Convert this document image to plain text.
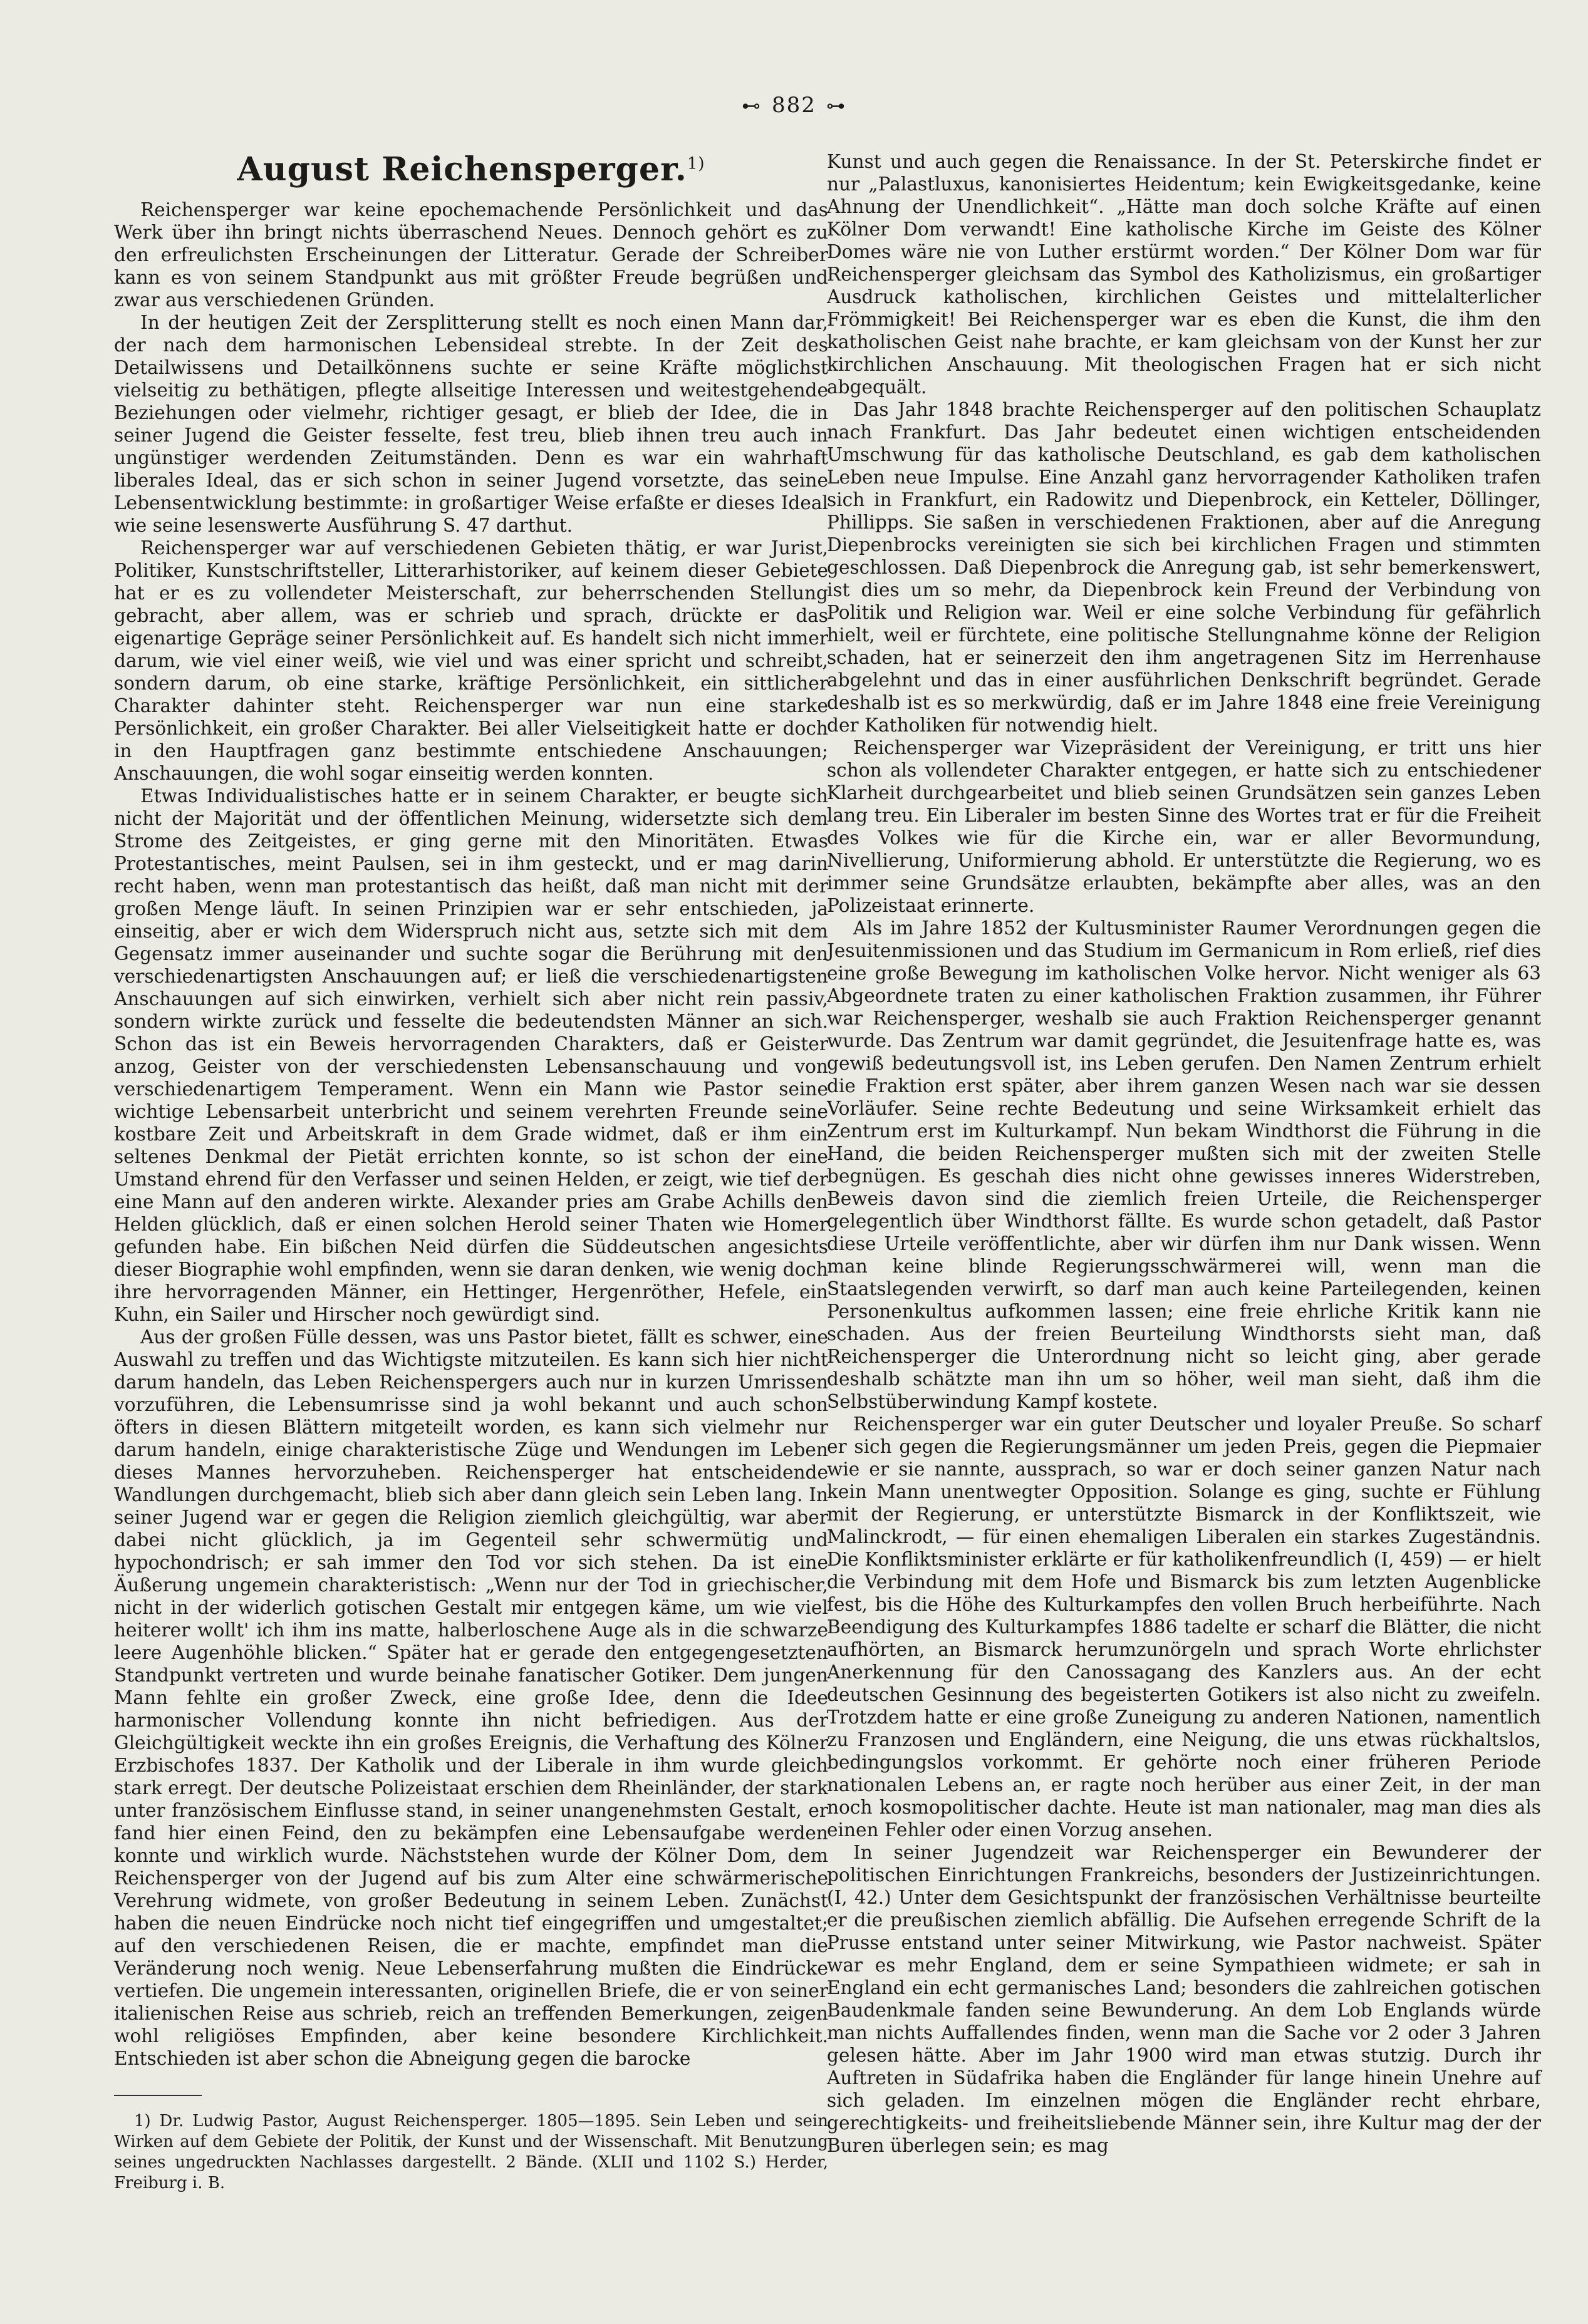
⊷ 882 ⊶
August Reichensperger.$^{1)}$

Reichensperger war keine epochemachende Persönlichkeit und das Werk über ihn bringt nichts überraschend Neues. Dennoch gehört es zu den erfreulichsten Erscheinungen der Litteratur. Gerade der Schreiber kann es von seinem Standpunkt aus mit größter Freude begrüßen und zwar aus verschiedenen Gründen.

In der heutigen Zeit der Zersplitterung stellt es noch einen Mann dar, der nach dem harmonischen Lebensideal strebte. In der Zeit des Detailwissens und Detailkönnens suchte er seine Kräfte möglichst vielseitig zu bethätigen, pflegte allseitige Interessen und weitestgehende Beziehungen oder vielmehr, richtiger gesagt, er blieb der Idee, die in seiner Jugend die Geister fesselte, fest treu, blieb ihnen treu auch in ungünstiger werdenden Zeitumständen. Denn es war ein wahrhaft liberales Ideal, das er sich schon in seiner Jugend vorsetzte, das seine Lebensentwicklung bestimmte: in großartiger Weise erfaßte er dieses Ideal wie seine lesenswerte Ausführung S. 47 darthut.

Reichensperger war auf verschiedenen Gebieten thätig, er war Jurist, Politiker, Kunstschriftsteller, Litterarhistoriker, auf keinem dieser Gebiete hat er es zu vollendeter Meisterschaft, zur beherrschenden Stellung gebracht, aber allem, was er schrieb und sprach, drückte er das eigenartige Gepräge seiner Persönlichkeit auf. Es handelt sich nicht immer darum, wie viel einer weiß, wie viel und was einer spricht und schreibt, sondern darum, ob eine starke, kräftige Persönlichkeit, ein sittlicher Charakter dahinter steht. Reichensperger war nun eine starke Persönlichkeit, ein großer Charakter. Bei aller Vielseitigkeit hatte er doch in den Hauptfragen ganz bestimmte entschiedene Anschauungen; Anschauungen, die wohl sogar einseitig werden konnten.

Etwas Individualistisches hatte er in seinem Charakter, er beugte sich nicht der Majorität und der öffentlichen Meinung, widersetzte sich dem Strome des Zeitgeistes, er ging gerne mit den Minoritäten. Etwas Protestantisches, meint Paulsen, sei in ihm gesteckt, und er mag darin recht haben, wenn man protestantisch das heißt, daß man nicht mit der großen Menge läuft. In seinen Prinzipien war er sehr entschieden, ja einseitig, aber er wich dem Widerspruch nicht aus, setzte sich mit dem Gegensatz immer auseinander und suchte sogar die Berührung mit den verschiedenartigsten Anschauungen auf; er ließ die verschiedenartigsten Anschauungen auf sich einwirken, verhielt sich aber nicht rein passiv, sondern wirkte zurück und fesselte die bedeutendsten Männer an sich. Schon das ist ein Beweis hervorragenden Charakters, daß er Geister anzog, Geister von der verschiedensten Lebensanschauung und von verschiedenartigem Temperament. Wenn ein Mann wie Pastor seine wichtige Lebensarbeit unterbricht und seinem verehrten Freunde seine kostbare Zeit und Arbeitskraft in dem Grade widmet, daß er ihm ein seltenes Denkmal der Pietät errichten konnte, so ist schon der eine Umstand ehrend für den Verfasser und seinen Helden, er zeigt, wie tief der eine Mann auf den anderen wirkte. Alexander pries am Grabe Achills den Helden glücklich, daß er einen solchen Herold seiner Thaten wie Homer gefunden habe. Ein bißchen Neid dürfen die Süddeutschen angesichts dieser Biographie wohl empfinden, wenn sie daran denken, wie wenig doch ihre hervorragenden Männer, ein Hettinger, Hergenröther, Hefele, ein Kuhn, ein Sailer und Hirscher noch gewürdigt sind.

Aus der großen Fülle dessen, was uns Pastor bietet, fällt es schwer, eine Auswahl zu treffen und das Wichtigste mitzuteilen. Es kann sich hier nicht darum handeln, das Leben Reichenspergers auch nur in kurzen Umrissen vorzuführen, die Lebensumrisse sind ja wohl bekannt und auch schon öfters in diesen Blättern mitgeteilt worden, es kann sich vielmehr nur darum handeln, einige charakteristische Züge und Wendungen im Leben dieses Mannes hervorzuheben. Reichensperger hat entscheidende Wandlungen durchgemacht, blieb sich aber dann gleich sein Leben lang. In seiner Jugend war er gegen die Religion ziemlich gleichgültig, war aber dabei nicht glücklich, ja im Gegenteil sehr schwermütig und hypochondrisch; er sah immer den Tod vor sich stehen. Da ist eine Äußerung ungemein charakteristisch: „Wenn nur der Tod in griechischer, nicht in der widerlich gotischen Gestalt mir entgegen käme, um wie viel heiterer wollt' ich ihm ins matte, halberloschene Auge als in die schwarze leere Augenhöhle blicken.“ Später hat er gerade den entgegengesetzten Standpunkt vertreten und wurde beinahe fanatischer Gotiker. Dem jungen Mann fehlte ein großer Zweck, eine große Idee, denn die Idee harmonischer Vollendung konnte ihn nicht befriedigen. Aus der Gleichgültigkeit weckte ihn ein großes Ereignis, die Verhaftung des Kölner Erzbischofes 1837. Der Katholik und der Liberale in ihm wurde gleich stark erregt. Der deutsche Polizeistaat erschien dem Rheinländer, der stark unter französischem Einflusse stand, in seiner unangenehmsten Gestalt, er fand hier einen Feind, den zu bekämpfen eine Lebensaufgabe werden konnte und wirklich wurde. Nächststehen wurde der Kölner Dom, dem Reichensperger von der Jugend auf bis zum Alter eine schwärmerische Verehrung widmete, von großer Bedeutung in seinem Leben. Zunächst haben die neuen Eindrücke noch nicht tief eingegriffen und umgestaltet; auf den verschiedenen Reisen, die er machte, empfindet man die Veränderung noch wenig. Neue Lebenserfahrung mußten die Eindrücke vertiefen. Die ungemein interessanten, originellen Briefe, die er von seiner italienischen Reise aus schrieb, reich an treffenden Bemerkungen, zeigen wohl religiöses Empfinden, aber keine besondere Kirchlichkeit. Entschieden ist aber schon die Abneigung gegen die barocke

1) Dr. Ludwig Pastor, August Reichensperger. 1805—1895. Sein Leben und sein Wirken auf dem Gebiete der Politik, der Kunst und der Wissenschaft. Mit Benutzung seines ungedruckten Nachlasses dargestellt. 2 Bände. (XLII und 1102 S.) Herder, Freiburg i. B.

Kunst und auch gegen die Renaissance. In der St. Peterskirche findet er nur „Palastluxus, kanonisiertes Heidentum; kein Ewigkeitsgedanke, keine Ahnung der Unendlichkeit“. „Hätte man doch solche Kräfte auf einen Kölner Dom verwandt! Eine katholische Kirche im Geiste des Kölner Domes wäre nie von Luther erstürmt worden.“ Der Kölner Dom war für Reichensperger gleichsam das Symbol des Katholizismus, ein großartiger Ausdruck katholischen, kirchlichen Geistes und mittelalterlicher Frömmigkeit! Bei Reichensperger war es eben die Kunst, die ihm den katholischen Geist nahe brachte, er kam gleichsam von der Kunst her zur kirchlichen Anschauung. Mit theologischen Fragen hat er sich nicht abgequält.

Das Jahr 1848 brachte Reichensperger auf den politischen Schauplatz nach Frankfurt. Das Jahr bedeutet einen wichtigen entscheidenden Umschwung für das katholische Deutschland, es gab dem katholischen Leben neue Impulse. Eine Anzahl ganz hervorragender Katholiken trafen sich in Frankfurt, ein Radowitz und Diepenbrock, ein Ketteler, Döllinger, Phillipps. Sie saßen in verschiedenen Fraktionen, aber auf die Anregung Diepenbrocks vereinigten sie sich bei kirchlichen Fragen und stimmten geschlossen. Daß Diepenbrock die Anregung gab, ist sehr bemerkenswert, ist dies um so mehr, da Diepenbrock kein Freund der Verbindung von Politik und Religion war. Weil er eine solche Verbindung für gefährlich hielt, weil er fürchtete, eine politische Stellungnahme könne der Religion schaden, hat er seinerzeit den ihm angetragenen Sitz im Herrenhause abgelehnt und das in einer ausführlichen Denkschrift begründet. Gerade deshalb ist es so merkwürdig, daß er im Jahre 1848 eine freie Vereinigung der Katholiken für notwendig hielt.

Reichensperger war Vizepräsident der Vereinigung, er tritt uns hier schon als vollendeter Charakter entgegen, er hatte sich zu entschiedener Klarheit durchgearbeitet und blieb seinen Grundsätzen sein ganzes Leben lang treu. Ein Liberaler im besten Sinne des Wortes trat er für die Freiheit des Volkes wie für die Kirche ein, war er aller Bevormundung, Nivellierung, Uniformierung abhold. Er unterstützte die Regierung, wo es immer seine Grundsätze erlaubten, bekämpfte aber alles, was an den Polizeistaat erinnerte.

Als im Jahre 1852 der Kultusminister Raumer Verordnungen gegen die Jesuitenmissionen und das Studium im Germanicum in Rom erließ, rief dies eine große Bewegung im katholischen Volke hervor. Nicht weniger als 63 Abgeordnete traten zu einer katholischen Fraktion zusammen, ihr Führer war Reichensperger, weshalb sie auch Fraktion Reichensperger genannt wurde. Das Zentrum war damit gegründet, die Jesuitenfrage hatte es, was gewiß bedeutungsvoll ist, ins Leben gerufen. Den Namen Zentrum erhielt die Fraktion erst später, aber ihrem ganzen Wesen nach war sie dessen Vorläufer. Seine rechte Bedeutung und seine Wirksamkeit erhielt das Zentrum erst im Kulturkampf. Nun bekam Windthorst die Führung in die Hand, die beiden Reichensperger mußten sich mit der zweiten Stelle begnügen. Es geschah dies nicht ohne gewisses inneres Widerstreben, Beweis davon sind die ziemlich freien Urteile, die Reichensperger gelegentlich über Windthorst fällte. Es wurde schon getadelt, daß Pastor diese Urteile veröffentlichte, aber wir dürfen ihm nur Dank wissen. Wenn man keine blinde Regierungsschwärmerei will, wenn man die Staatslegenden verwirft, so darf man auch keine Parteilegenden, keinen Personenkultus aufkommen lassen; eine freie ehrliche Kritik kann nie schaden. Aus der freien Beurteilung Windthorsts sieht man, daß Reichensperger die Unterordnung nicht so leicht ging, aber gerade deshalb schätzte man ihn um so höher, weil man sieht, daß ihm die Selbstüberwindung Kampf kostete.

Reichensperger war ein guter Deutscher und loyaler Preuße. So scharf er sich gegen die Regierungsmänner um jeden Preis, gegen die Piepmaier wie er sie nannte, aussprach, so war er doch seiner ganzen Natur nach kein Mann unentwegter Opposition. Solange es ging, suchte er Fühlung mit der Regierung, er unterstützte Bismarck in der Konfliktszeit, wie Malinckrodt, — für einen ehemaligen Liberalen ein starkes Zugeständnis. Die Konfliktsminister erklärte er für katholikenfreundlich (I, 459) — er hielt die Verbindung mit dem Hofe und Bismarck bis zum letzten Augenblicke fest, bis die Höhe des Kulturkampfes den vollen Bruch herbeiführte. Nach Beendigung des Kulturkampfes 1886 tadelte er scharf die Blätter, die nicht aufhörten, an Bismarck herumzunörgeln und sprach Worte ehrlichster Anerkennung für den Canossagang des Kanzlers aus. An der echt deutschen Gesinnung des begeisterten Gotikers ist also nicht zu zweifeln. Trotzdem hatte er eine große Zuneigung zu anderen Nationen, namentlich zu Franzosen und Engländern, eine Neigung, die uns etwas rückhaltslos, bedingungslos vorkommt. Er gehörte noch einer früheren Periode nationalen Lebens an, er ragte noch herüber aus einer Zeit, in der man noch kosmopolitischer dachte. Heute ist man nationaler, mag man dies als einen Fehler oder einen Vorzug ansehen.

In seiner Jugendzeit war Reichensperger ein Bewunderer der politischen Einrichtungen Frankreichs, besonders der Justizeinrichtungen. (I, 42.) Unter dem Gesichtspunkt der französischen Verhältnisse beurteilte er die preußischen ziemlich abfällig. Die Aufsehen erregende Schrift de la Prusse entstand unter seiner Mitwirkung, wie Pastor nachweist. Später war es mehr England, dem er seine Sympathieen widmete; er sah in England ein echt germanisches Land; besonders die zahlreichen gotischen Baudenkmale fanden seine Bewunderung. An dem Lob Englands würde man nichts Auffallendes finden, wenn man die Sache vor 2 oder 3 Jahren gelesen hätte. Aber im Jahr 1900 wird man etwas stutzig. Durch ihr Auftreten in Südafrika haben die Engländer für lange hinein Unehre auf sich geladen. Im einzelnen mögen die Engländer recht ehrbare, gerechtigkeits- und freiheitsliebende Männer sein, ihre Kultur mag der der Buren überlegen sein; es mag
